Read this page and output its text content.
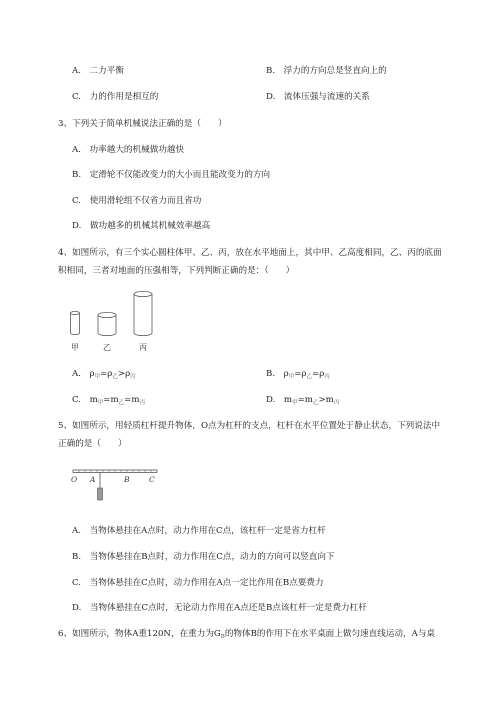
A.　二力平衡	B.　浮力的方向总是竖直向上的
C.　力的作用是相互的	D.　流体压强与流速的关系
3、下列关于简单机械说法正确的是（　　）
A.　功率越大的机械做功越快
B.　定滑轮不仅能改变力的大小而且能改变力的方向
C.　使用滑轮组不仅省力而且省功
D.　做功越多的机械其机械效率越高
4、如图所示，有三个实心圆柱体甲、乙、丙，放在水平地面上，其中甲、乙高度相同，乙、丙的底面
积相同，三者对地面的压强相等，下列判断正确的是：（　　）
甲	乙	丙
A.　$\rho_甲=\rho_乙>\rho_丙$	B.　$\rho_甲=\rho_乙=\rho_丙$
C.　$m_甲=m_乙=m_丙$	D.　$m_甲=m_乙>m_丙$
5、如图所示，用轻质杠杆提升物体，O点为杠杆的支点，杠杆在水平位置处于静止状态，下列说法中
正确的是（　　）
O A	B	C
A.　当物体悬挂在A点时，动力作用在C点，该杠杆一定是省力杠杆
B.　当物体悬挂在B点时，动力作用在C点，动力的方向可以竖直向下
C.　当物体悬挂在C点时，动力作用在A点一定比作用在B点要费力
D.　当物体悬挂在C点时，无论动力作用在A点还是B点该杠杆一定是费力杠杆
6、如图所示，物体A重120N，在重力为$G_B$的物体B的作用下在水平桌面上做匀速直线运动，A与桌
